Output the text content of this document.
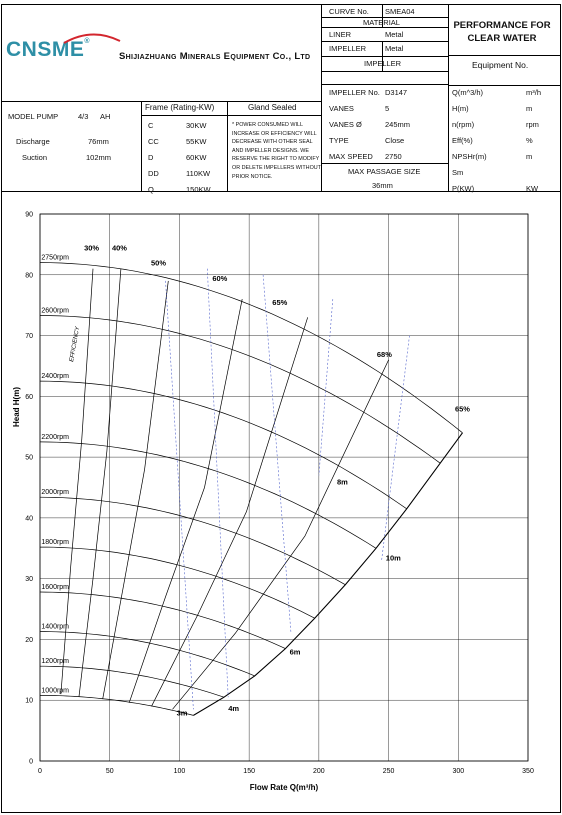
CNSME®
Shijiazhuang Minerals Equipment Co., Ltd
CURVE No. SMEA04
MATERIAL
LINER	Metal
IMPELLER	Metal
IMPELLER
PERFORMANCE FOR CLEAR WATER
Equipment No.
IMPELLER No. D3147
VANES	5
VANES Ø	245mm
TYPE	Close
MAX SPEED 2750
MAX PASSAGE SIZE
36mm
Q(m^3/h)	m³/h
H(m)	m
n(rpm)	rpm
Eff(%)	%
NPSHr(m)	m
Sm
P(KW)	KW
MODEL PUMP	4/3 AH
Discharge	76mm
Suction	102mm
Frame (Rating-KW)	Gland Sealed
C	30KW
CC	55KW
D	60KW
DD	110KW
Q	150KW
* POWER CONSUMED WILL INCREASE OR EFFICIENCY WILL DECREASE WITH OTHER SEAL AND IMPELLER DESIGNS. WE RESERVE THE RIGHT TO MODIFY OR DELETE IMPELLERS WITHOUT PRIOR NOTICE.
Head H(m)
Flow Rate Q(m³/h)
EFFICIENCY
0	50	100	150	200	250	300	350
0
10
20
30
40
50
60
70
80
90
2750rpm
2600rpm
2400rpm
2200rpm
2000rpm
1800rpm
1600rpm
1400rpm
1200rpm
1000rpm
30% 40%
50%
60%
65%
68%
65%
3m	4m
6m
8m
10m
